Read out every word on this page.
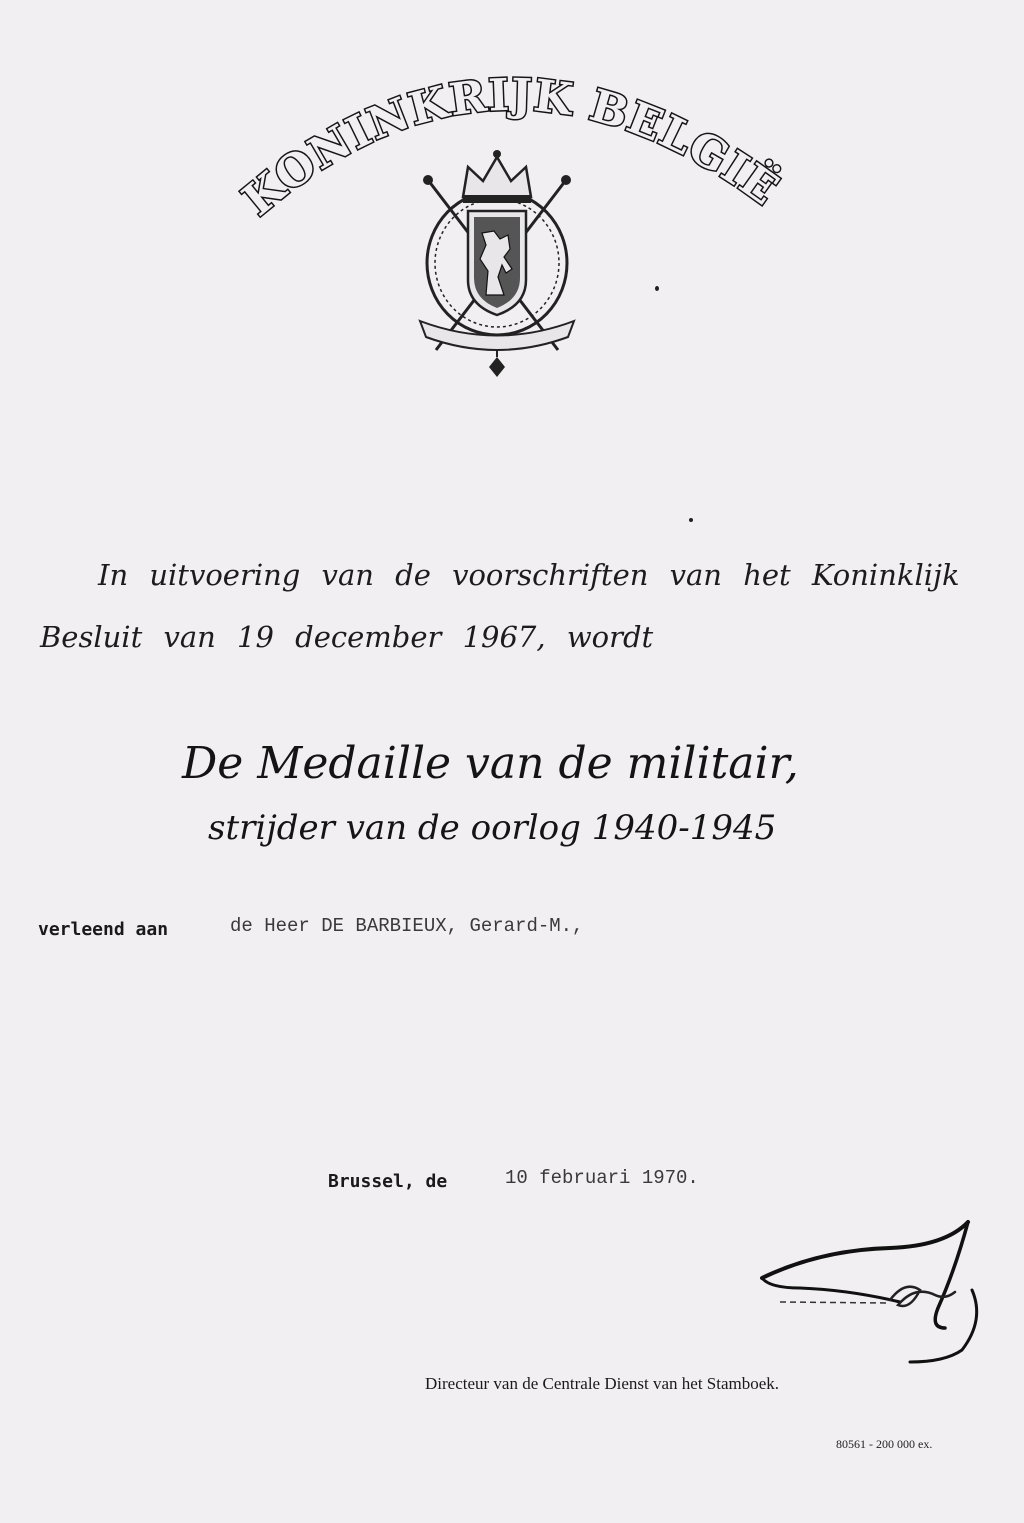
KONINKRIJK BELGIË
In uitvoering van de voorschriften van het Koninklijk
Besluit van 19 december 1967, wordt
De Medaille van de militair,
strijder van de oorlog 1940-1945
verleend aan	de Heer DE BARBIEUX, Gerard-M.,
Brussel, de	10 februari 1970.
Directeur van de Centrale Dienst van het Stamboek.
80561 - 200 000 ex.
